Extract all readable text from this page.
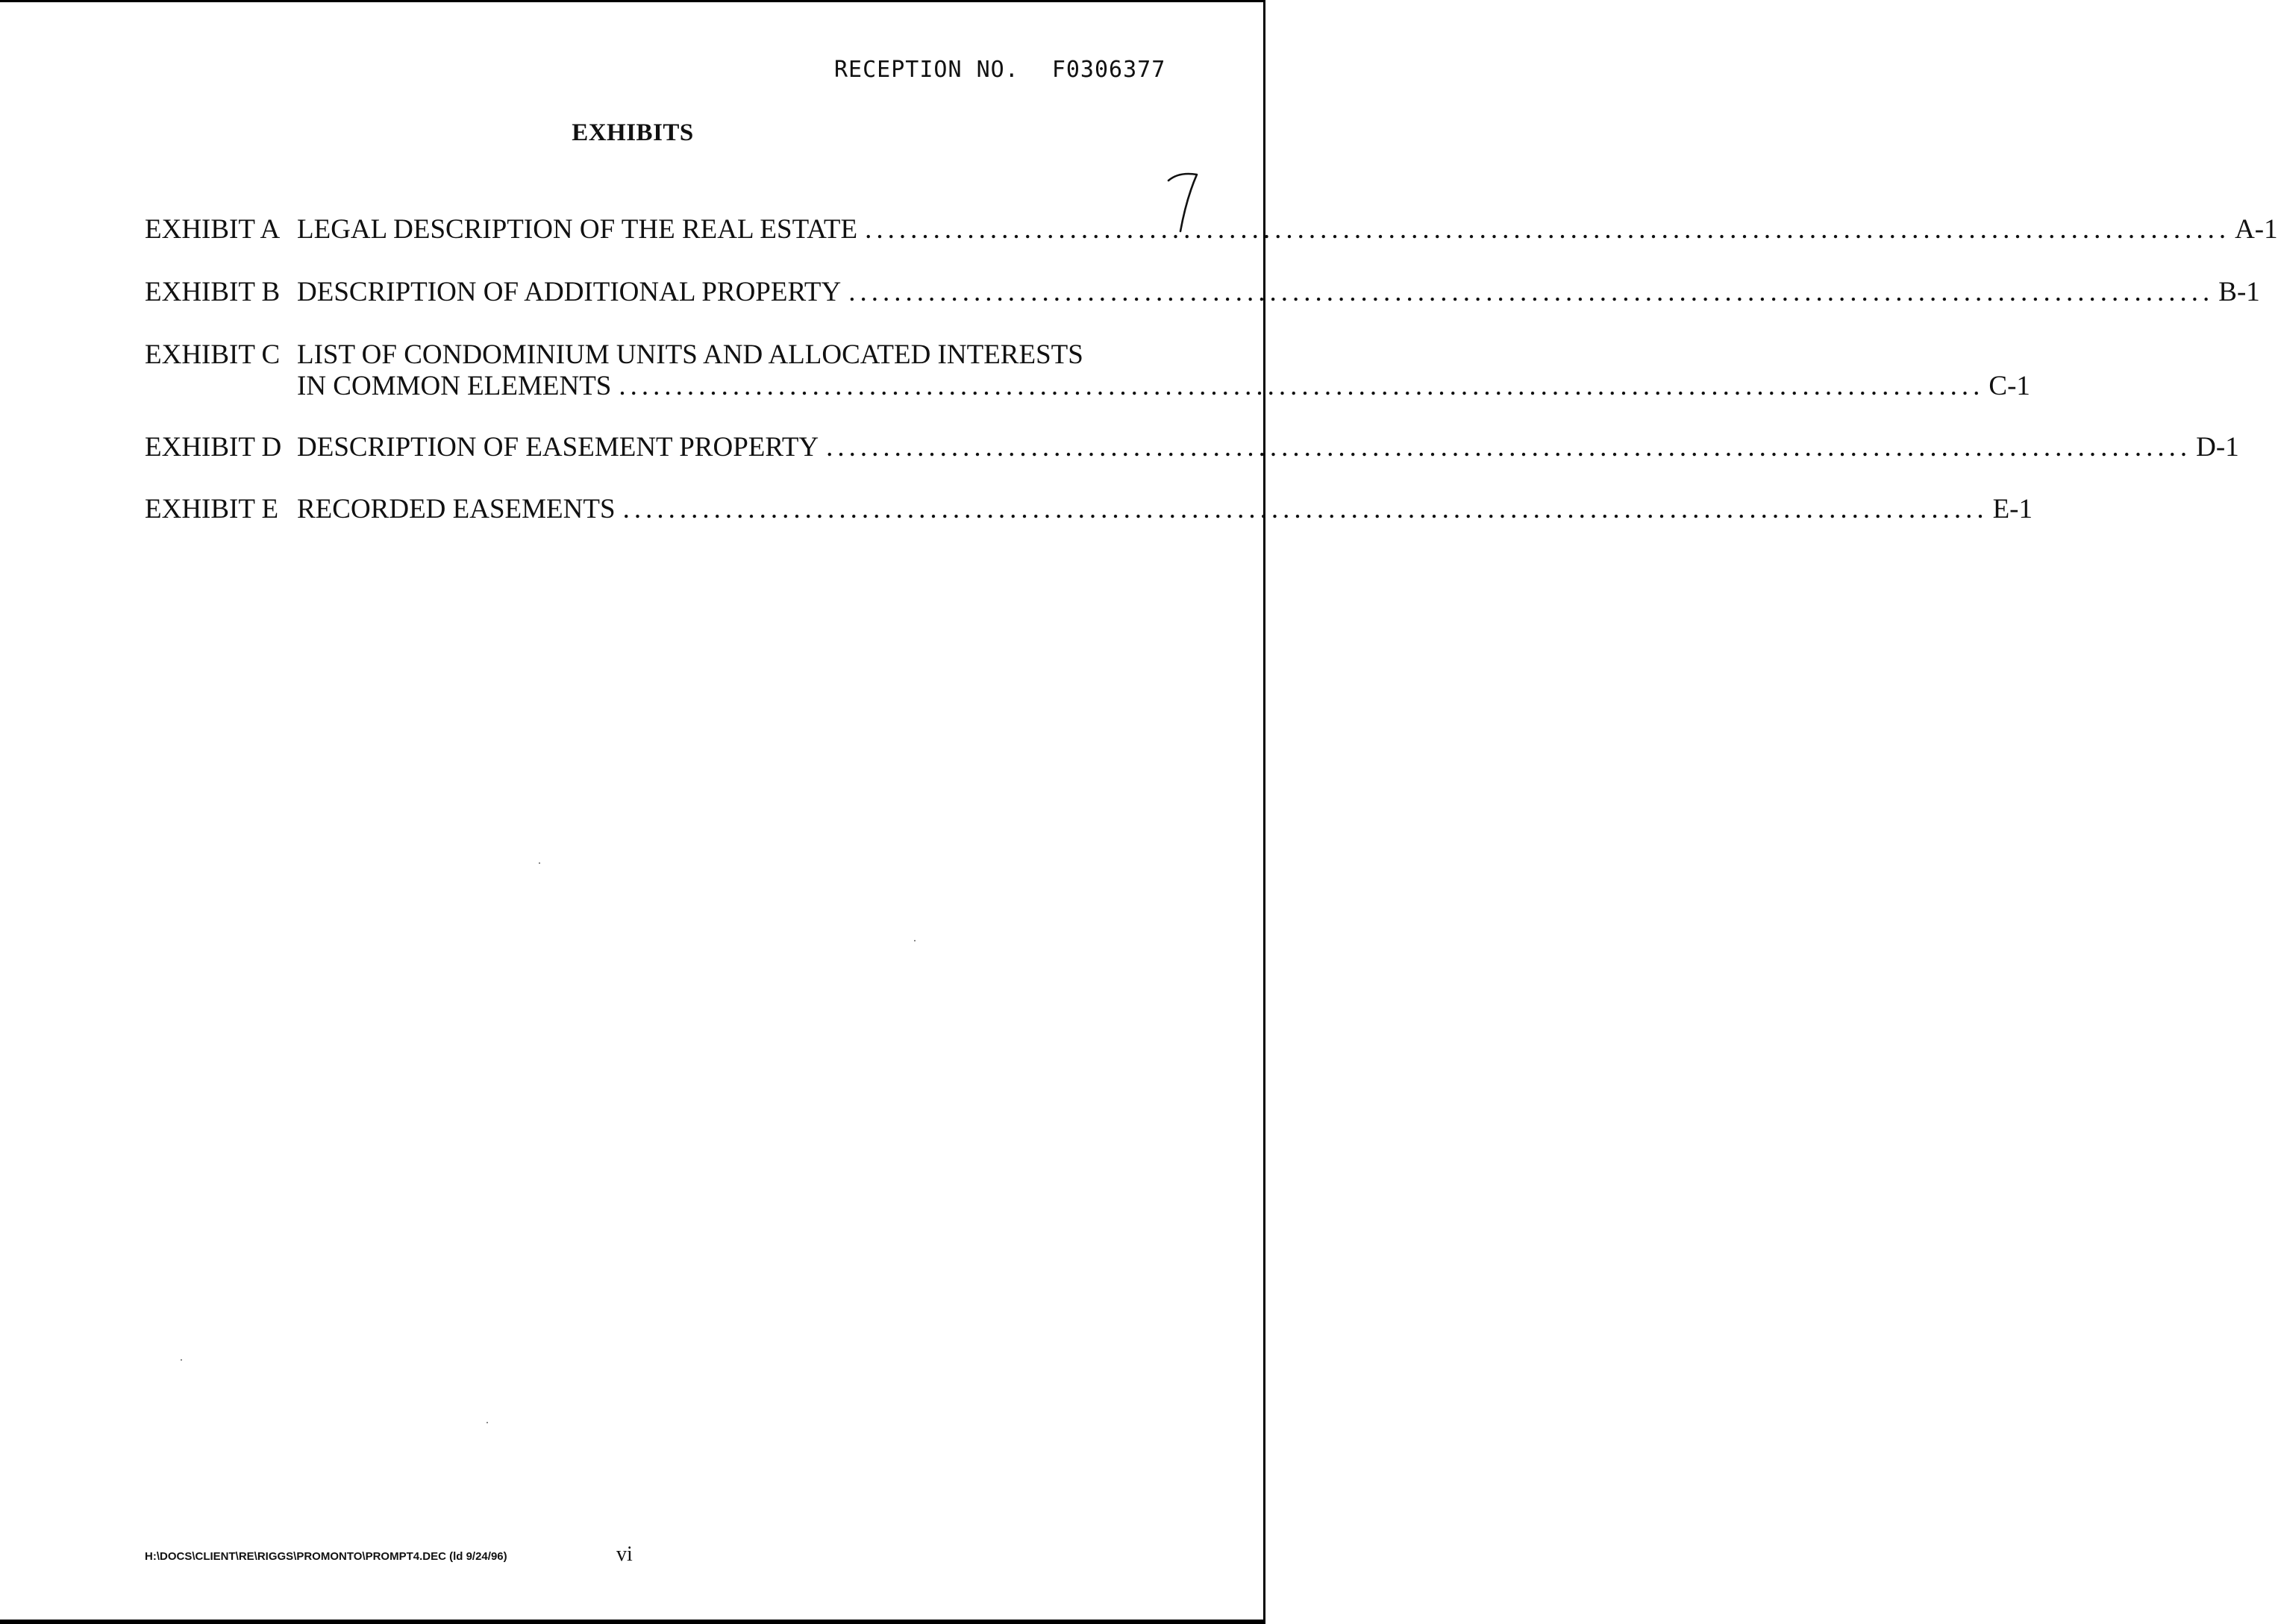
RECEPTION NO. F0306377
EXHIBITS
EXHIBIT A LEGAL DESCRIPTION OF THE REAL ESTATE ........................................................................................................................ A-1
EXHIBIT B DESCRIPTION OF ADDITIONAL PROPERTY ........................................................................................................................ B-1
EXHIBIT C LIST OF CONDOMINIUM UNITS AND ALLOCATED INTERESTS
IN COMMON ELEMENTS ........................................................................................................................ C-1
EXHIBIT D DESCRIPTION OF EASEMENT PROPERTY ........................................................................................................................ D-1
EXHIBIT E RECORDED EASEMENTS ........................................................................................................................ E-1
H:\DOCS\CLIENT\RE\RIGGS\PROMONTO\PROMPT4.DEC (ld 9/24/96)	vi
